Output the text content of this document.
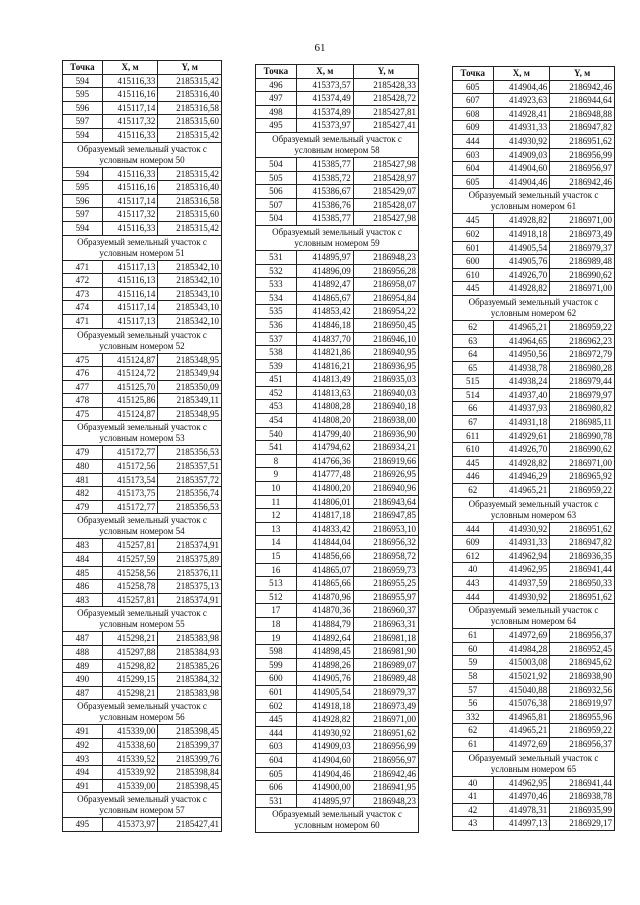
61
Точка	X, м	Y, м
594	415116,33	2185315,42
595	415116,16	2185316,40
596	415117,14	2185316,58
597	415117,32	2185315,60
594	415116,33	2185315,42
Образуемый земельный участок с условным номером 50		
594	415116,33	2185315,42
595	415116,16	2185316,40
596	415117,14	2185316,58
597	415117,32	2185315,60
594	415116,33	2185315,42
Образуемый земельный участок с условным номером 51		
471	415117,13	2185342,10
472	415116,13	2185342,10
473	415116,14	2185343,10
474	415117,14	2185343,10
471	415117,13	2185342,10
Образуемый земельный участок с условным номером 52		
475	415124,87	2185348,95
476	415124,72	2185349,94
477	415125,70	2185350,09
478	415125,86	2185349,11
475	415124,87	2185348,95
Образуемый земельный участок с условным номером 53		
479	415172,77	2185356,53
480	415172,56	2185357,51
481	415173,54	2185357,72
482	415173,75	2185356,74
479	415172,77	2185356,53
Образуемый земельный участок с условным номером 54		
483	415257,81	2185374,91
484	415257,59	2185375,89
485	415258,56	2185376,11
486	415258,78	2185375,13
483	415257,81	2185374,91
Образуемый земельный участок с условным номером 55		
487	415298,21	2185383,98
488	415297,88	2185384,93
489	415298,82	2185385,26
490	415299,15	2185384,32
487	415298,21	2185383,98
Образуемый земельный участок с условным номером 56		
491	415339,00	2185398,45
492	415338,60	2185399,37
493	415339,52	2185399,76
494	415339,92	2185398,84
491	415339,00	2185398,45
Образуемый земельный участок с условным номером 57		
495	415373,97	2185427,41
Точка	X, м	Y, м
496	415373,57	2185428,33
497	415374,49	2185428,72
498	415374,89	2185427,81
495	415373,97	2185427,41
Образуемый земельный участок с условным номером 58		
504	415385,77	2185427,98
505	415385,72	2185428,97
506	415386,67	2185429,07
507	415386,76	2185428,07
504	415385,77	2185427,98
Образуемый земельный участок с условным номером 59		
531	414895,97	2186948,23
532	414896,09	2186956,28
533	414892,47	2186958,07
534	414865,67	2186954,84
535	414853,42	2186954,22
536	414846,18	2186950,45
537	414837,70	2186946,10
538	414821,86	2186940,95
539	414816,21	2186936,95
451	414813,49	2186935,03
452	414813,63	2186940,03
453	414808,28	2186940,18
454	414808,20	2186938,00
540	414799,40	2186936,90
541	414794,62	2186934,21
8	414766,36	2186919,66
9	414777,48	2186926,95
10	414800,20	2186940,96
11	414806,01	2186943,64
12	414817,18	2186947,85
13	414833,42	2186953,10
14	414844,04	2186956,32
15	414856,66	2186958,72
16	414865,07	2186959,73
513	414865,66	2186955,25
512	414870,96	2186955,97
17	414870,36	2186960,37
18	414884,79	2186963,31
19	414892,64	2186981,18
598	414898,45	2186981,90
599	414898,26	2186989,07
600	414905,76	2186989,48
601	414905,54	2186979,37
602	414918,18	2186973,49
445	414928,82	2186971,00
444	414930,92	2186951,62
603	414909,03	2186956,99
604	414904,60	2186956,97
605	414904,46	2186942,46
606	414900,00	2186941,95
531	414895,97	2186948,23
Образуемый земельный участок с условным номером 60		
Точка	X, м	Y, м
605	414904,46	2186942,46
607	414923,63	2186944,64
608	414928,41	2186948,88
609	414931,33	2186947,82
444	414930,92	2186951,62
603	414909,03	2186956,99
604	414904,60	2186956,97
605	414904,46	2186942,46
Образуемый земельный участок с условным номером 61		
445	414928,82	2186971,00
602	414918,18	2186973,49
601	414905,54	2186979,37
600	414905,76	2186989,48
610	414926,70	2186990,62
445	414928,82	2186971,00
Образуемый земельный участок с условным номером 62		
62	414965,21	2186959,22
63	414964,65	2186962,23
64	414950,56	2186972,79
65	414938,78	2186980,28
515	414938,24	2186979,44
514	414937,40	2186979,97
66	414937,93	2186980,82
67	414931,18	2186985,11
611	414929,61	2186990,78
610	414926,70	2186990,62
445	414928,82	2186971,00
446	414946,29	2186965,92
62	414965,21	2186959,22
Образуемый земельный участок с условным номером 63		
444	414930,92	2186951,62
609	414931,33	2186947,82
612	414962,94	2186936,35
40	414962,95	2186941,44
443	414937,59	2186950,33
444	414930,92	2186951,62
Образуемый земельный участок с условным номером 64		
61	414972,69	2186956,37
60	414984,28	2186952,45
59	415003,08	2186945,62
58	415021,92	2186938,90
57	415040,88	2186932,56
56	415076,38	2186919,97
332	414965,81	2186955,96
62	414965,21	2186959,22
61	414972,69	2186956,37
Образуемый земельный участок с условным номером 65		
40	414962,95	2186941,44
41	414970,46	2186938,78
42	414978,31	2186935,99
43	414997,13	2186929,17
